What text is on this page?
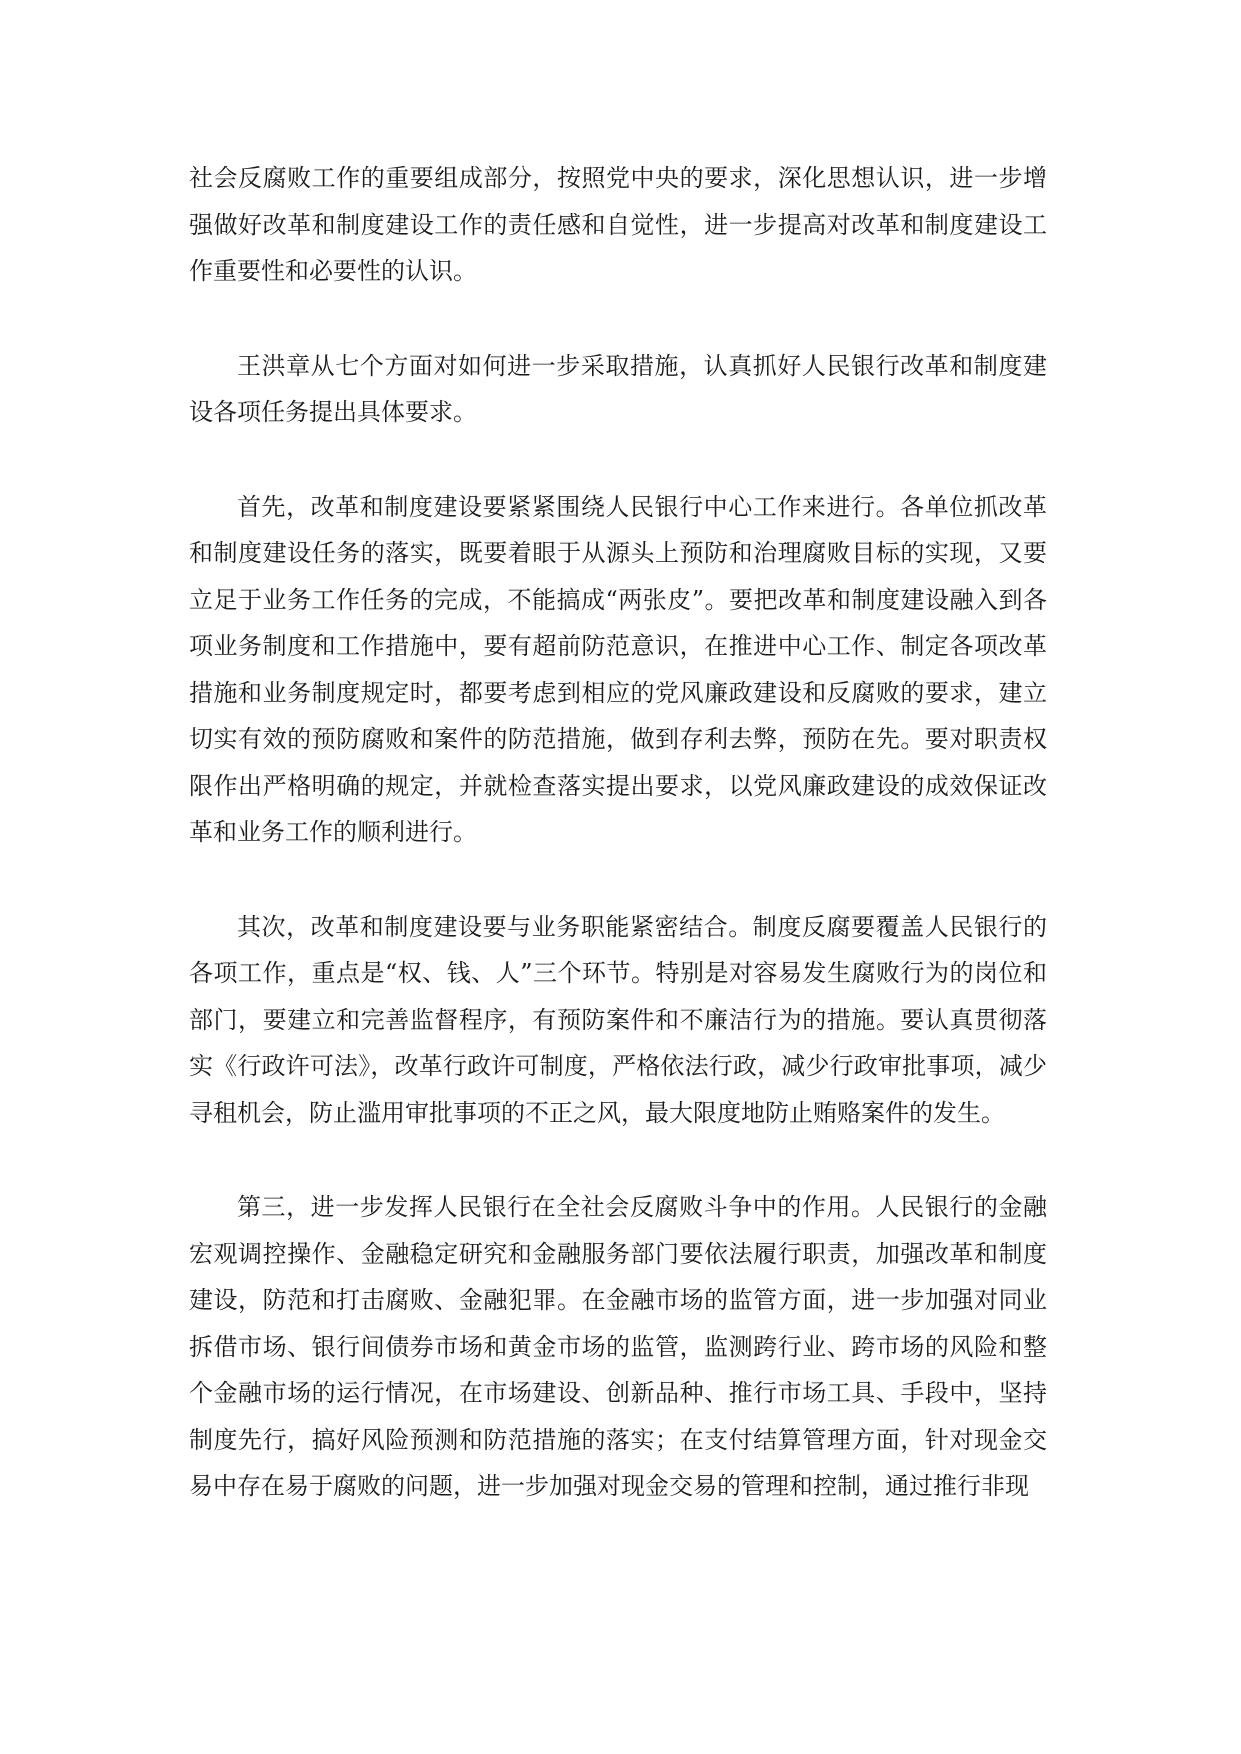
社会反腐败工作的重要组成部分，按照党中央的要求，深化思想认识，进一步增强做好改革和制度建设工作的责任感和自觉性，进一步提高对改革和制度建设工作重要性和必要性的认识。

王洪章从七个方面对如何进一步采取措施，认真抓好人民银行改革和制度建设各项任务提出具体要求。

首先，改革和制度建设要紧紧围绕人民银行中心工作来进行。各单位抓改革和制度建设任务的落实，既要着眼于从源头上预防和治理腐败目标的实现，又要立足于业务工作任务的完成，不能搞成“两张皮”。要把改革和制度建设融入到各项业务制度和工作措施中，要有超前防范意识，在推进中心工作、制定各项改革措施和业务制度规定时，都要考虑到相应的党风廉政建设和反腐败的要求，建立切实有效的预防腐败和案件的防范措施，做到存利去弊，预防在先。要对职责权限作出严格明确的规定，并就检查落实提出要求，以党风廉政建设的成效保证改革和业务工作的顺利进行。

其次，改革和制度建设要与业务职能紧密结合。制度反腐要覆盖人民银行的各项工作，重点是“权、钱、人”三个环节。特别是对容易发生腐败行为的岗位和部门，要建立和完善监督程序，有预防案件和不廉洁行为的措施。要认真贯彻落实《行政许可法》，改革行政许可制度，严格依法行政，减少行政审批事项，减少寻租机会，防止滥用审批事项的不正之风，最大限度地防止贿赂案件的发生。

第三，进一步发挥人民银行在全社会反腐败斗争中的作用。人民银行的金融宏观调控操作、金融稳定研究和金融服务部门要依法履行职责，加强改革和制度建设，防范和打击腐败、金融犯罪。在金融市场的监管方面，进一步加强对同业拆借市场、银行间债券市场和黄金市场的监管，监测跨行业、跨市场的风险和整个金融市场的运行情况，在市场建设、创新品种、推行市场工具、手段中，坚持制度先行，搞好风险预测和防范措施的落实；在支付结算管理方面，针对现金交易中存在易于腐败的问题，进一步加强对现金交易的管理和控制，通过推行非现
